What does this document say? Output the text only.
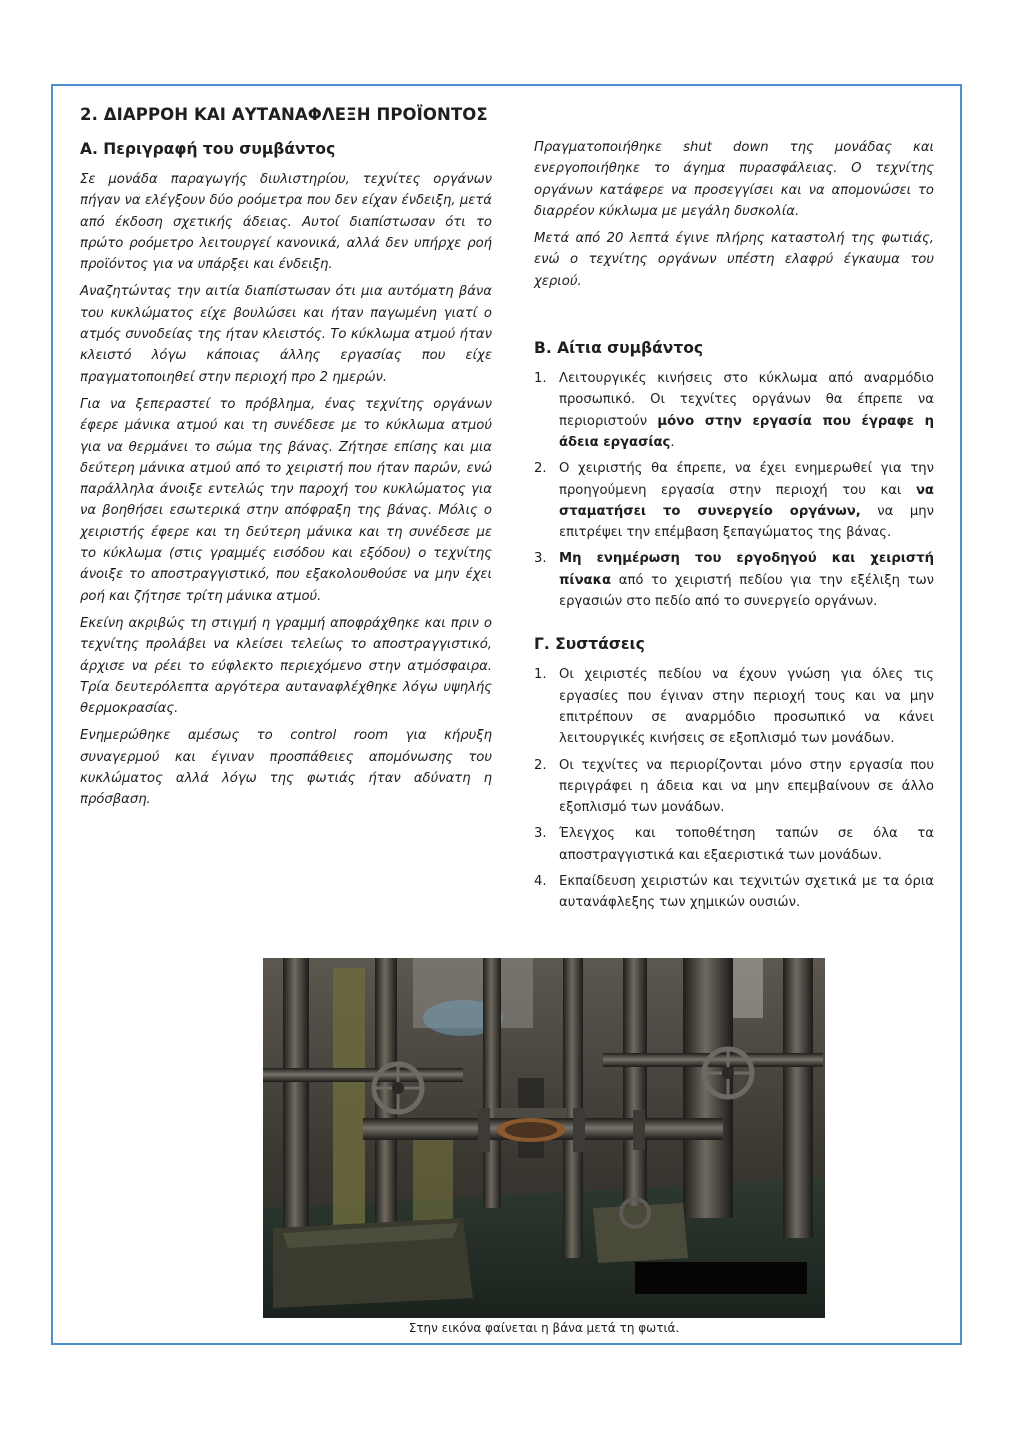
2. ΔΙΑΡΡΟΗ ΚΑΙ ΑΥΤΑΝΑΦΛΕΞΗ ΠΡΟΪΟΝΤΟΣ
Α. Περιγραφή του συμβάντος

Σε μονάδα παραγωγής διυλιστηρίου, τεχνίτες οργάνων πήγαν να ελέγξουν δύο ροόμετρα που δεν είχαν ένδειξη, μετά από έκδοση σχετικής άδειας. Αυτοί διαπίστωσαν ότι το πρώτο ροόμετρο λειτουργεί κανονικά, αλλά δεν υπήρχε ροή προϊόντος για να υπάρξει και ένδειξη.

Αναζητώντας την αιτία διαπίστωσαν ότι μια αυτόματη βάνα του κυκλώματος είχε βουλώσει και ήταν παγωμένη γιατί ο ατμός συνοδείας της ήταν κλειστός. Το κύκλωμα ατμού ήταν κλειστό λόγω κάποιας άλλης εργασίας που είχε πραγματοποιηθεί στην περιοχή προ 2 ημερών.

Για να ξεπεραστεί το πρόβλημα, ένας τεχνίτης οργάνων έφερε μάνικα ατμού και τη συνέδεσε με το κύκλωμα ατμού για να θερμάνει το σώμα της βάνας. Ζήτησε επίσης και μια δεύτερη μάνικα ατμού από το χειριστή που ήταν παρών, ενώ παράλληλα άνοιξε εντελώς την παροχή του κυκλώματος για να βοηθήσει εσωτερικά στην απόφραξη της βάνας. Μόλις ο χειριστής έφερε και τη δεύτερη μάνικα και τη συνέδεσε με το κύκλωμα (στις γραμμές εισόδου και εξόδου) ο τεχνίτης άνοιξε το αποστραγγιστικό, που εξακολουθούσε να μην έχει ροή και ζήτησε τρίτη μάνικα ατμού.

Εκείνη ακριβώς τη στιγμή η γραμμή αποφράχθηκε και πριν ο τεχνίτης προλάβει να κλείσει τελείως το αποστραγγιστικό, άρχισε να ρέει το εύφλεκτο περιεχόμενο στην ατμόσφαιρα. Τρία δευτερόλεπτα αργότερα αυταναφλέχθηκε λόγω υψηλής θερμοκρασίας.

Ενημερώθηκε αμέσως το control room για κήρυξη συναγερμού και έγιναν προσπάθειες απομόνωσης του κυκλώματος αλλά λόγω της φωτιάς ήταν αδύνατη η πρόσβαση.

Πραγματοποιήθηκε shut down της μονάδας και ενεργοποιήθηκε το άγημα πυρασφάλειας. Ο τεχνίτης οργάνων κατάφερε να προσεγγίσει και να απομονώσει το διαρρέον κύκλωμα με μεγάλη δυσκολία.

Μετά από 20 λεπτά έγινε πλήρης καταστολή της φωτιάς, ενώ ο τεχνίτης οργάνων υπέστη ελαφρύ έγκαυμα του χεριού.

Β. Αίτια συμβάντος
1. Λειτουργικές κινήσεις στο κύκλωμα από αναρμόδιο προσωπικό. Οι τεχνίτες οργάνων θα έπρεπε να περιοριστούν μόνο στην εργασία που έγραφε η άδεια εργασίας.
2. Ο χειριστής θα έπρεπε, να έχει ενημερωθεί για την προηγούμενη εργασία στην περιοχή του και να σταματήσει το συνεργείο οργάνων, να μην επιτρέψει την επέμβαση ξεπαγώματος της βάνας.
3. Μη ενημέρωση του εργοδηγού και χειριστή πίνακα από το χειριστή πεδίου για την εξέλιξη των εργασιών στο πεδίο από το συνεργείο οργάνων.
Γ. Συστάσεις
1. Οι χειριστές πεδίου να έχουν γνώση για όλες τις εργασίες που έγιναν στην περιοχή τους και να μην επιτρέπουν σε αναρμόδιο προσωπικό να κάνει λειτουργικές κινήσεις σε εξοπλισμό των μονάδων.
2. Οι τεχνίτες να περιορίζονται μόνο στην εργασία που περιγράφει η άδεια και να μην επεμβαίνουν σε άλλο εξοπλισμό των μονάδων.
3. Έλεγχος και τοποθέτηση ταπών σε όλα τα αποστραγγιστικά και εξαεριστικά των μονάδων.
4. Εκπαίδευση χειριστών και τεχνιτών σχετικά με τα όρια αυτανάφλεξης των χημικών ουσιών.
Στην εικόνα φαίνεται η βάνα μετά τη φωτιά.
